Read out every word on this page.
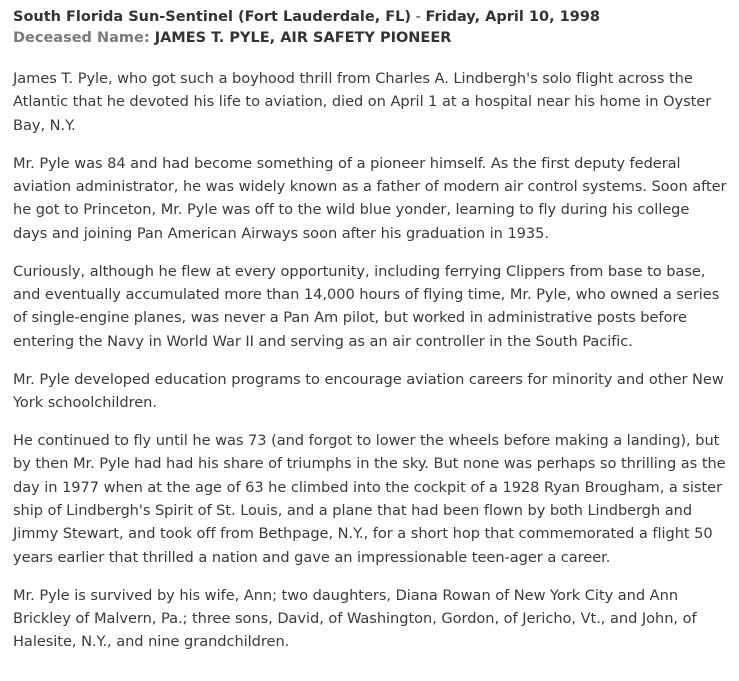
South Florida Sun-Sentinel (Fort Lauderdale, FL) - Friday, April 10, 1998
Deceased Name: JAMES T. PYLE, AIR SAFETY PIONEER

James T. Pyle, who got such a boyhood thrill from Charles A. Lindbergh's solo flight across the Atlantic that he devoted his life to aviation, died on April 1 at a hospital near his home in Oyster Bay, N.Y.

Mr. Pyle was 84 and had become something of a pioneer himself. As the first deputy federal aviation administrator, he was widely known as a father of modern air control systems. Soon after he got to Princeton, Mr. Pyle was off to the wild blue yonder, learning to fly during his college days and joining Pan American Airways soon after his graduation in 1935.

Curiously, although he flew at every opportunity, including ferrying Clippers from base to base, and eventually accumulated more than 14,000 hours of flying time, Mr. Pyle, who owned a series of single-engine planes, was never a Pan Am pilot, but worked in administrative posts before entering the Navy in World War II and serving as an air controller in the South Pacific.

Mr. Pyle developed education programs to encourage aviation careers for minority and other New York schoolchildren.

He continued to fly until he was 73 (and forgot to lower the wheels before making a landing), but by then Mr. Pyle had had his share of triumphs in the sky. But none was perhaps so thrilling as the day in 1977 when at the age of 63 he climbed into the cockpit of a 1928 Ryan Brougham, a sister ship of Lindbergh's Spirit of St. Louis, and a plane that had been flown by both Lindbergh and Jimmy Stewart, and took off from Bethpage, N.Y., for a short hop that commemorated a flight 50 years earlier that thrilled a nation and gave an impressionable teen-ager a career.

Mr. Pyle is survived by his wife, Ann; two daughters, Diana Rowan of New York City and Ann Brickley of Malvern, Pa.; three sons, David, of Washington, Gordon, of Jericho, Vt., and John, of Halesite, N.Y., and nine grandchildren.
